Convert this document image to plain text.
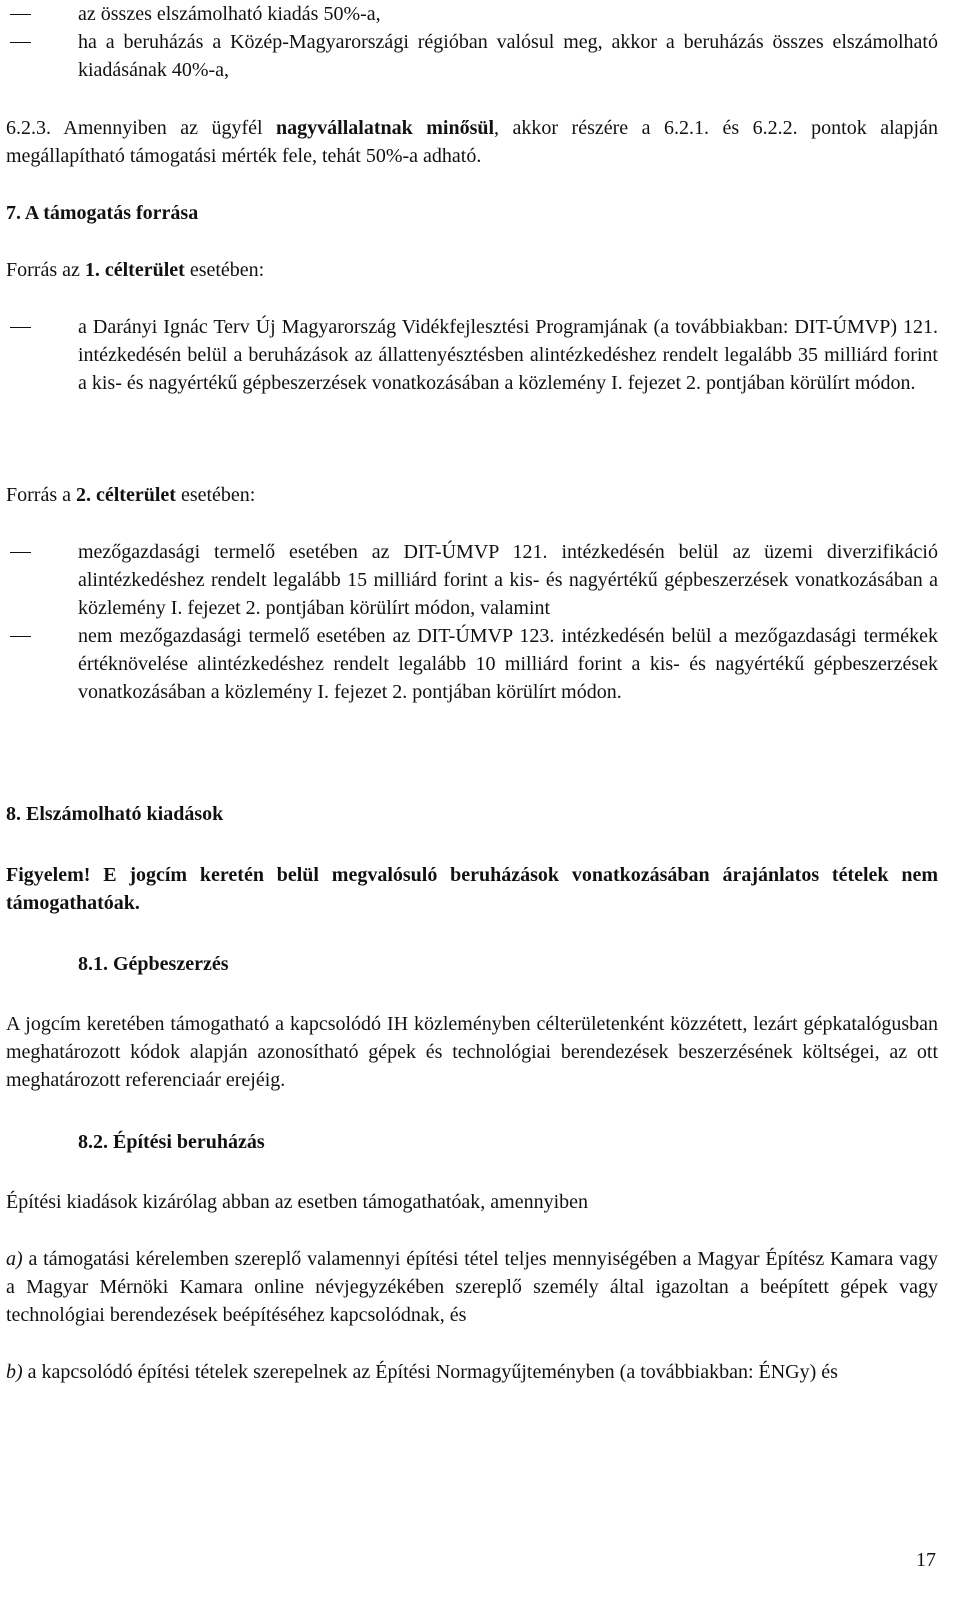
az összes elszámolható kiadás 50%-a,
ha a beruházás a Közép-Magyarországi régióban valósul meg, akkor a beruházás összes elszámolható kiadásának 40%-a,

6.2.3. Amennyiben az ügyfél nagyvállalatnak minősül, akkor részére a 6.2.1. és 6.2.2. pontok alapján megállapítható támogatási mérték fele, tehát 50%-a adható.

7. A támogatás forrása

Forrás az 1. célterület esetében:

a Darányi Ignác Terv Új Magyarország Vidékfejlesztési Programjának (a továbbiakban: DIT-ÚMVP) 121. intézkedésén belül a beruházások az állattenyésztésben alintézkedéshez rendelt legalább 35 milliárd forint a kis- és nagyértékű gépbeszerzések vonatkozásában a közlemény I. fejezet 2. pontjában körülírt módon.

Forrás a 2. célterület esetében:

mezőgazdasági termelő esetében az DIT-ÚMVP 121. intézkedésén belül az üzemi diverzifikáció alintézkedéshez rendelt legalább 15 milliárd forint a kis- és nagyértékű gépbeszerzések vonatkozásában a közlemény I. fejezet 2. pontjában körülírt módon, valamint
nem mezőgazdasági termelő esetében az DIT-ÚMVP 123. intézkedésén belül a mezőgazdasági termékek értéknövelése alintézkedéshez rendelt legalább 10 milliárd forint a kis- és nagyértékű gépbeszerzések vonatkozásában a közlemény I. fejezet 2. pontjában körülírt módon.

8. Elszámolható kiadások

Figyelem! E jogcím keretén belül megvalósuló beruházások vonatkozásában árajánlatos tételek nem támogathatóak.

8.1. Gépbeszerzés

A jogcím keretében támogatható a kapcsolódó IH közleményben célterületenként közzétett, lezárt gépkatalógusban meghatározott kódok alapján azonosítható gépek és technológiai berendezések beszerzésének költségei, az ott meghatározott referenciaár erejéig.

8.2. Építési beruházás

Építési kiadások kizárólag abban az esetben támogathatóak, amennyiben

a) a támogatási kérelemben szereplő valamennyi építési tétel teljes mennyiségében a Magyar Építész Kamara vagy a Magyar Mérnöki Kamara online névjegyzékében szereplő személy által igazoltan a beépített gépek vagy technológiai berendezések beépítéséhez kapcsolódnak, és

b) a kapcsolódó építési tételek szerepelnek az Építési Normagyűjteményben (a továbbiakban: ÉNGy) és

17
